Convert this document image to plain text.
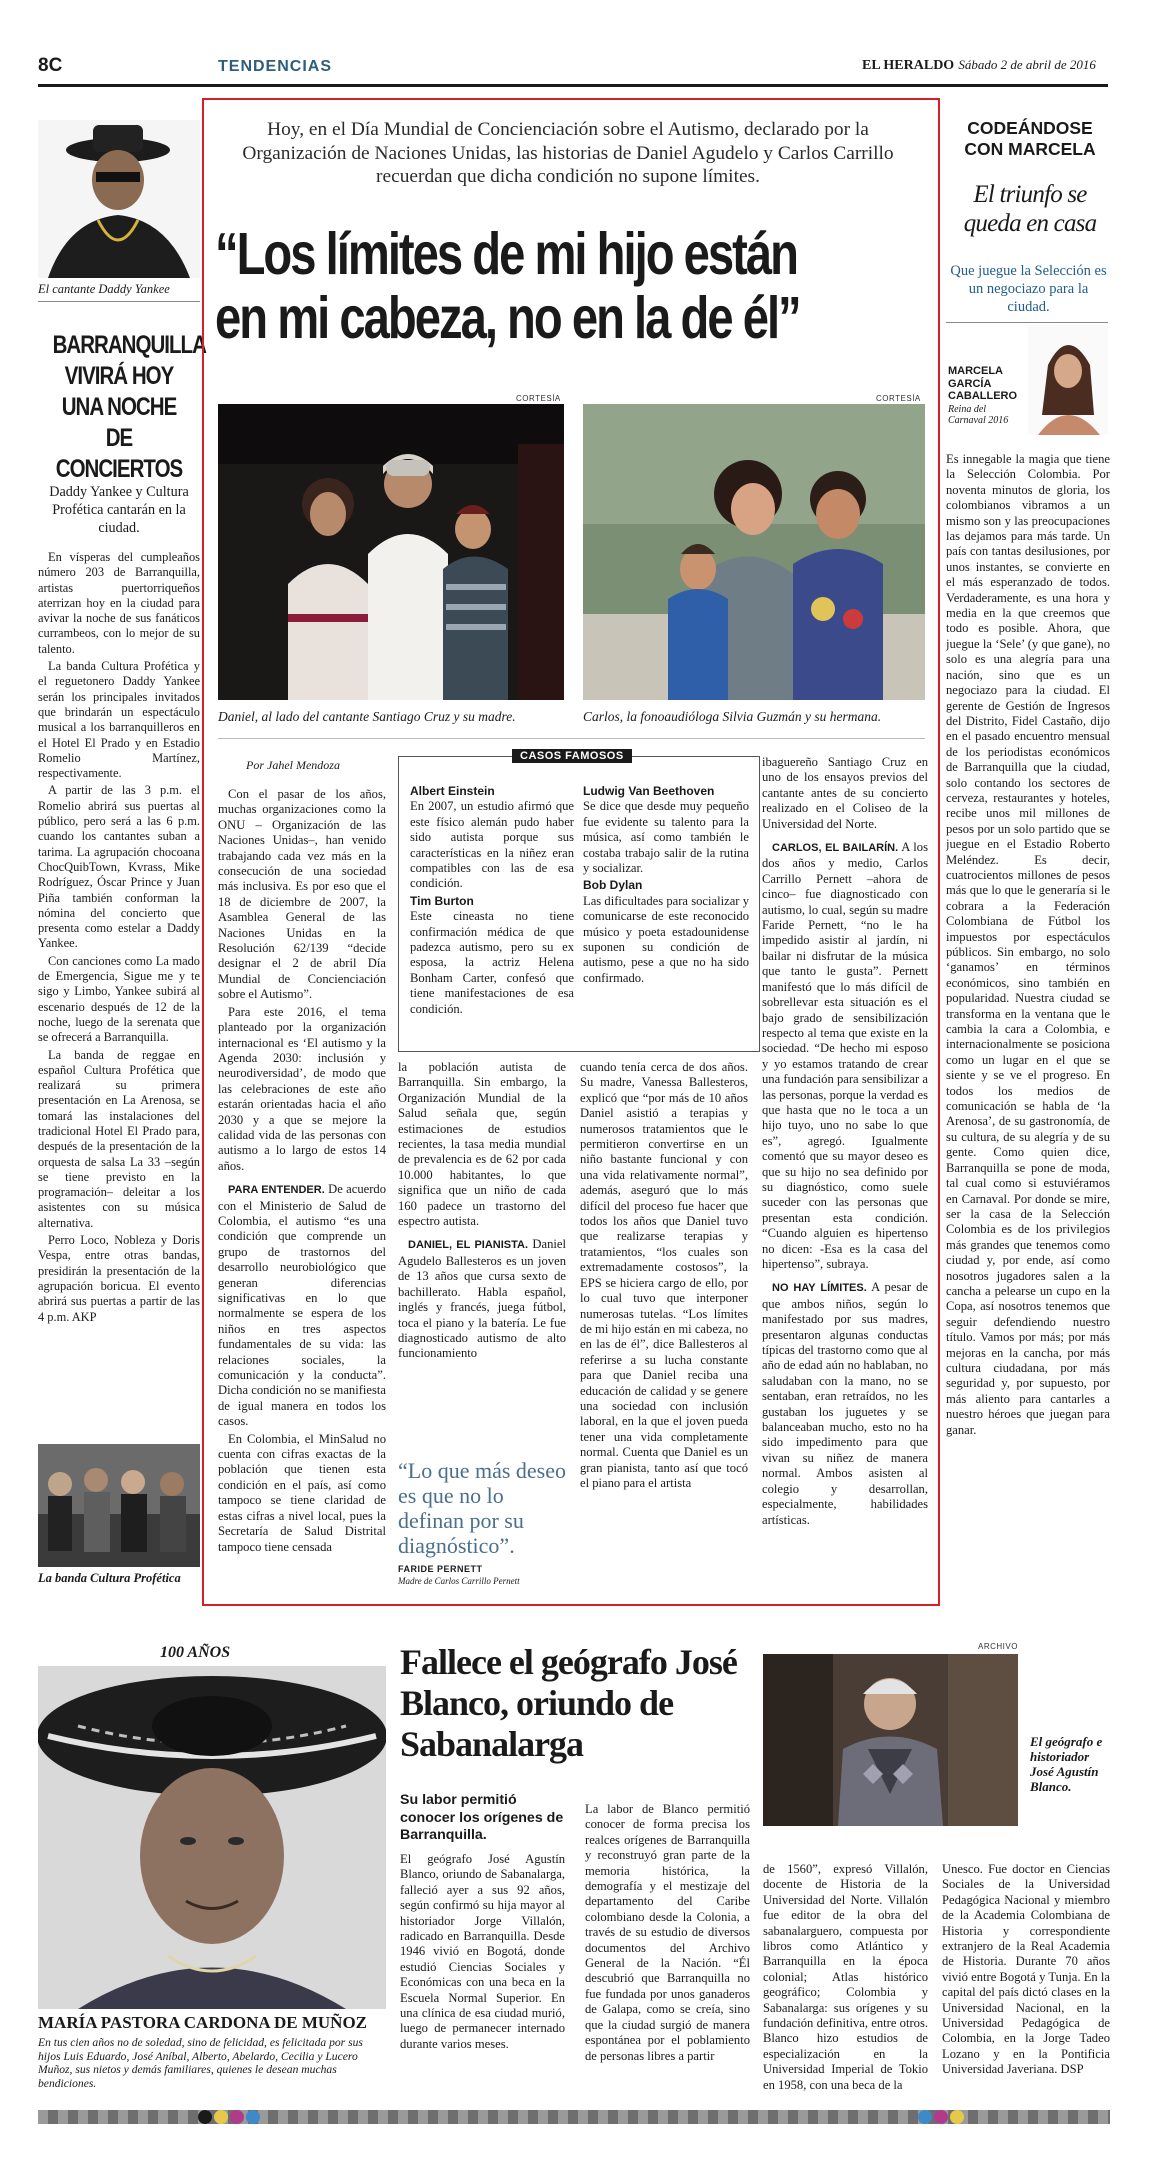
8C	TENDENCIAS	EL HERALDO Sábado 2 de abril de 2016
El cantante Daddy Yankee
BARRANQUILLA VIVIRÁ HOY UNA NOCHE DE CONCIERTOS
Daddy Yankee y Cultura Profética cantarán en la ciudad.

En vísperas del cumpleaños número 203 de Barranquilla, artistas puertorriqueños aterrizan hoy en la ciudad para avivar la noche de sus fanáticos currambeos, con lo mejor de su talento.

La banda Cultura Profética y el reguetonero Daddy Yankee serán los principales invitados que brindarán un espectáculo musical a los barranquilleros en el Hotel El Prado y en Estadio Romelio Martínez, respectivamente.

A partir de las 3 p.m. el Romelio abrirá sus puertas al público, pero será a las 6 p.m. cuando los cantantes suban a tarima. La agrupación chocoana ChocQuibTown, Kvrass, Mike Rodríguez, Óscar Prince y Juan Piña también conforman la nómina del concierto que presenta como estelar a Daddy Yankee.

Con canciones como La mado de Emergencia, Sigue me y te sigo y Limbo, Yankee subirá al escenario después de 12 de la noche, luego de la serenata que se ofrecerá a Barranquilla.

La banda de reggae en español Cultura Profética que realizará su primera presentación en La Arenosa, se tomará las instalaciones del tradicional Hotel El Prado para, después de la presentación de la orquesta de salsa La 33 –según se tiene previsto en la programación– deleitar a los asistentes con su música alternativa.

Perro Loco, Nobleza y Doris Vespa, entre otras bandas, presidirán la presentación de la agrupación boricua. El evento abrirá sus puertas a partir de las 4 p.m. AKP

La banda Cultura Profética
Hoy, en el Día Mundial de Concienciación sobre el Autismo, declarado por la Organización de Naciones Unidas, las historias de Daniel Agudelo y Carlos Carrillo recuerdan que dicha condición no supone límites.
“Los límites de mi hijo están
en mi cabeza, no en la de él”
CORTESÍA	CORTESÍA
Daniel, al lado del cantante Santiago Cruz y su madre.	Carlos, la fonoaudióloga Silvia Guzmán y su hermana.
Por Jahel Mendoza

Con el pasar de los años, muchas organizaciones como la ONU – Organización de las Naciones Unidas–, han venido trabajando cada vez más en la consecución de una sociedad más inclusiva. Es por eso que el 18 de diciembre de 2007, la Asamblea General de las Naciones Unidas en la Resolución 62/139 “decide designar el 2 de abril Día Mundial de Concienciación sobre el Autismo”.

Para este 2016, el tema planteado por la organización internacional es ‘El autismo y la Agenda 2030: inclusión y neurodiversidad’, de modo que las celebraciones de este año estarán orientadas hacia el año 2030 y a que se mejore la calidad vida de las personas con autismo a lo largo de estos 14 años.

PARA ENTENDER. De acuerdo con el Ministerio de Salud de Colombia, el autismo “es una condición que comprende un grupo de trastornos del desarrollo neurobiológico que generan diferencias significativas en lo que normalmente se espera de los niños en tres aspectos fundamentales de su vida: las relaciones sociales, la comunicación y la conducta”. Dicha condición no se manifiesta de igual manera en todos los casos.

En Colombia, el MinSalud no cuenta con cifras exactas de la población que tienen esta condición en el país, así como tampoco se tiene claridad de estas cifras a nivel local, pues la Secretaría de Salud Distrital tampoco tiene censada

CASOS FAMOSOS
Albert Einstein
En 2007, un estudio afirmó que este físico alemán pudo haber sido autista porque sus características en la niñez eran compatibles con las de esa condición.
Tim Burton
Este cineasta no tiene confirmación médica de que padezca autismo, pero su ex esposa, la actriz Helena Bonham Carter, confesó que tiene manifestaciones de esa condición.
Ludwig Van Beethoven
Se dice que desde muy pequeño fue evidente su talento para la música, así como también le costaba trabajo salir de la rutina y socializar.
Bob Dylan
Las dificultades para socializar y comunicarse de este reconocido músico y poeta estadounidense suponen su condición de autismo, pese a que no ha sido confirmado.

la población autista de Barranquilla. Sin embargo, la Organización Mundial de la Salud señala que, según estimaciones de estudios recientes, la tasa media mundial de prevalencia es de 62 por cada 10.000 habitantes, lo que significa que un niño de cada 160 padece un trastorno del espectro autista.

DANIEL, EL PIANISTA. Daniel Agudelo Ballesteros es un joven de 13 años que cursa sexto de bachillerato. Habla español, inglés y francés, juega fútbol, toca el piano y la batería. Le fue diagnosticado autismo de alto funcionamiento

“Lo que más deseo es que no lo definan por su diagnóstico”.
FARIDE PERNETT
Madre de Carlos Carrillo Pernett

cuando tenía cerca de dos años. Su madre, Vanessa Ballesteros, explicó que “por más de 10 años Daniel asistió a terapias y numerosos tratamientos que le permitieron convertirse en un niño bastante funcional y con una vida relativamente normal”, además, aseguró que lo más difícil del proceso fue hacer que todos los años que Daniel tuvo que realizarse terapias y tratamientos, “los cuales son extremadamente costosos”, la EPS se hiciera cargo de ello, por lo cual tuvo que interponer numerosas tutelas. “Los límites de mi hijo están en mi cabeza, no en las de él”, dice Ballesteros al referirse a su lucha constante para que Daniel reciba una educación de calidad y se genere una sociedad con inclusión laboral, en la que el joven pueda tener una vida completamente normal. Cuenta que Daniel es un gran pianista, tanto así que tocó el piano para el artista

ibaguereño Santiago Cruz en uno de los ensayos previos del cantante antes de su concierto realizado en el Coliseo de la Universidad del Norte.

CARLOS, EL BAILARÍN. A los dos años y medio, Carlos Carrillo Pernett –ahora de cinco– fue diagnosticado con autismo, lo cual, según su madre Faride Pernett, “no le ha impedido asistir al jardín, ni bailar ni disfrutar de la música que tanto le gusta”. Pernett manifestó que lo más difícil de sobrellevar esta situación es el bajo grado de sensibilización respecto al tema que existe en la sociedad. “De hecho mi esposo y yo estamos tratando de crear una fundación para sensibilizar a las personas, porque la verdad es que hasta que no le toca a un hijo tuyo, uno no sabe lo que es”, agregó. Igualmente comentó que su mayor deseo es que su hijo no sea definido por su diagnóstico, como suele suceder con las personas que presentan esta condición. “Cuando alguien es hipertenso no dicen: -Esa es la casa del hipertenso”, subraya.

NO HAY LÍMITES. A pesar de que ambos niños, según lo manifestado por sus madres, presentaron algunas conductas típicas del trastorno como que al año de edad aún no hablaban, no saludaban con la mano, no se sentaban, eran retraídos, no les gustaban los juguetes y se balanceaban mucho, esto no ha sido impedimento para que vivan su niñez de manera normal. Ambos asisten al colegio y desarrollan, especialmente, habilidades artísticas.

CODEÁNDOSE
CON MARCELA
El triunfo se queda en casa
Que juegue la Selección es un negociazo para la ciudad.
MARCELA GARCÍA CABALLERO
Reina del Carnaval 2016

Es innegable la magia que tiene la Selección Colombia. Por noventa minutos de gloria, los colombianos vibramos a un mismo son y las preocupaciones las dejamos para más tarde. Un país con tantas desilusiones, por unos instantes, se convierte en el más esperanzado de todos. Verdaderamente, es una hora y media en la que creemos que todo es posible. Ahora, que juegue la ‘Sele’ (y que gane), no solo es una alegría para una nación, sino que es un negociazo para la ciudad. El gerente de Gestión de Ingresos del Distrito, Fidel Castaño, dijo en el pasado encuentro mensual de los periodistas económicos de Barranquilla que la ciudad, solo contando los sectores de cerveza, restaurantes y hoteles, recibe unos mil millones de pesos por un solo partido que se juegue en el Estadio Roberto Meléndez. Es decir, cuatrocientos millones de pesos más que lo que le generaría si le cobrara a la Federación Colombiana de Fútbol los impuestos por espectáculos públicos. Sin embargo, no solo ‘ganamos’ en términos económicos, sino también en popularidad. Nuestra ciudad se transforma en la ventana que le cambia la cara a Colombia, e internacionalmente se posiciona como un lugar en el que se siente y se ve el progreso. En todos los medios de comunicación se habla de ‘la Arenosa’, de su gastronomía, de su cultura, de su alegría y de su gente. Como quien dice, Barranquilla se pone de moda, tal cual como si estuviéramos en Carnaval. Por donde se mire, ser la casa de la Selección Colombia es de los privilegios más grandes que tenemos como ciudad y, por ende, así como nosotros jugadores salen a la cancha a pelearse un cupo en la Copa, así nosotros tenemos que seguir defendiendo nuestro título. Vamos por más; por más mejoras en la cancha, por más cultura ciudadana, por más seguridad y, por supuesto, por más aliento para cantarles a nuestro héroes que juegan para ganar.

100 AÑOS
MARÍA PASTORA CARDONA DE MUÑOZ
En tus cien años no de soledad, sino de felicidad, es felicitada por sus hijos Luis Eduardo, José Aníbal, Alberto, Abelardo, Cecilia y Lucero Muñoz, sus nietos y demás familiares, quienes le desean muchas bendiciones.
Fallece el geógrafo José Blanco, oriundo de Sabanalarga
Su labor permitió conocer los orígenes de Barranquilla.
ARCHIVO
El geógrafo e historiador José Agustín Blanco.

El geógrafo José Agustín Blanco, oriundo de Sabanalarga, falleció ayer a sus 92 años, según confirmó su hija mayor al historiador Jorge Villalón, radicado en Barranquilla. Desde 1946 vivió en Bogotá, donde estudió Ciencias Sociales y Económicas con una beca en la Escuela Normal Superior. En una clínica de esa ciudad murió, luego de permanecer internado durante varios meses.

La labor de Blanco permitió conocer de forma precisa los realces orígenes de Barranquilla y reconstruyó gran parte de la memoria histórica, la demografía y el mestizaje del departamento del Caribe colombiano desde la Colonia, a través de su estudio de diversos documentos del Archivo General de la Nación. “Él descubrió que Barranquilla no fue fundada por unos ganaderos de Galapa, como se creía, sino que la ciudad surgió de manera espontánea por el poblamiento de personas libres a partir

de 1560”, expresó Villalón, docente de Historia de la Universidad del Norte. Villalón fue editor de la obra del sabanalarguero, compuesta por libros como Atlántico y Barranquilla en la época colonial; Atlas histórico geográfico; Colombia y Sabanalarga: sus orígenes y su fundación definitiva, entre otros. Blanco hizo estudios de especialización en la Universidad Imperial de Tokio en 1958, con una beca de la

Unesco. Fue doctor en Ciencias Sociales de la Universidad Pedagógica Nacional y miembro de la Academia Colombiana de Historia y correspondiente extranjero de la Real Academia de Historia. Durante 70 años vivió entre Bogotá y Tunja. En la capital del país dictó clases en la Universidad Nacional, en la Universidad Pedagógica de Colombia, en la Jorge Tadeo Lozano y en la Pontificia Universidad Javeriana. DSP
